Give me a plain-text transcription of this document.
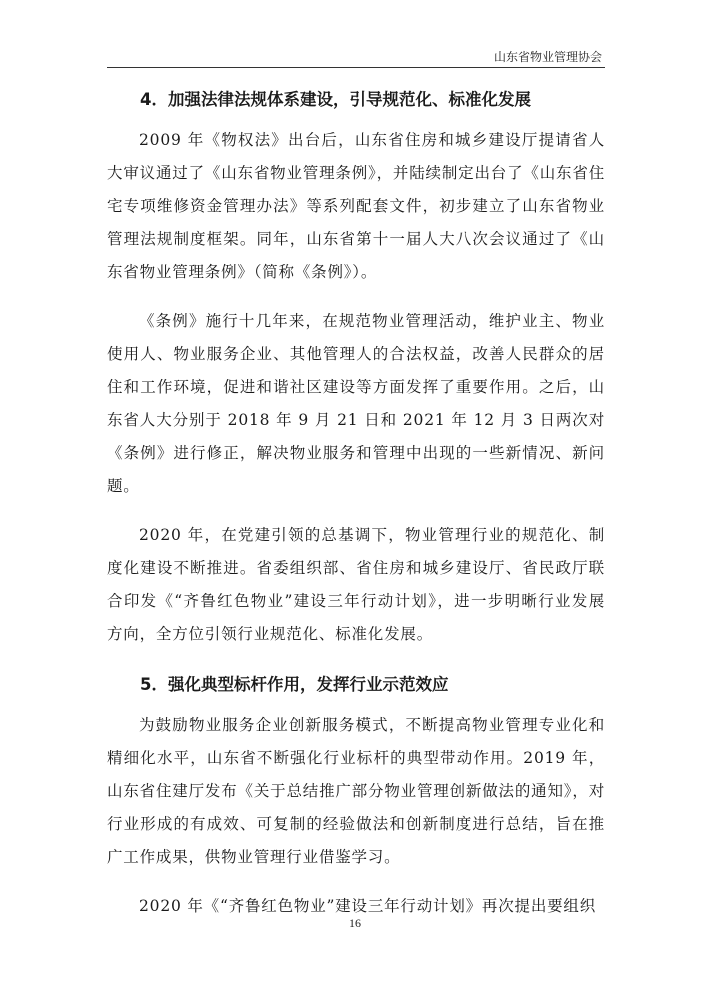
山东省物业管理协会
4．加强法律法规体系建设，引导规范化、标准化发展

2009 年《物权法》出台后，山东省住房和城乡建设厅提请省人大审议通过了《山东省物业管理条例》，并陆续制定出台了《山东省住宅专项维修资金管理办法》等系列配套文件，初步建立了山东省物业管理法规制度框架。同年，山东省第十一届人大八次会议通过了《山东省物业管理条例》（简称《条例》）。

《条例》施行十几年来，在规范物业管理活动，维护业主、物业使用人、物业服务企业、其他管理人的合法权益，改善人民群众的居住和工作环境，促进和谐社区建设等方面发挥了重要作用。之后，山东省人大分别于 2018 年 9 月 21 日和 2021 年 12 月 3 日两次对《条例》进行修正，解决物业服务和管理中出现的一些新情况、新问题。

2020 年，在党建引领的总基调下，物业管理行业的规范化、制度化建设不断推进。省委组织部、省住房和城乡建设厅、省民政厅联合印发《“齐鲁红色物业”建设三年行动计划》，进一步明晰行业发展方向，全方位引领行业规范化、标准化发展。

5．强化典型标杆作用，发挥行业示范效应

为鼓励物业服务企业创新服务模式，不断提高物业管理专业化和精细化水平，山东省不断强化行业标杆的典型带动作用。2019 年，山东省住建厅发布《关于总结推广部分物业管理创新做法的通知》，对行业形成的有成效、可复制的经验做法和创新制度进行总结，旨在推广工作成果，供物业管理行业借鉴学习。

2020 年《“齐鲁红色物业”建设三年行动计划》再次提出要组织

16
